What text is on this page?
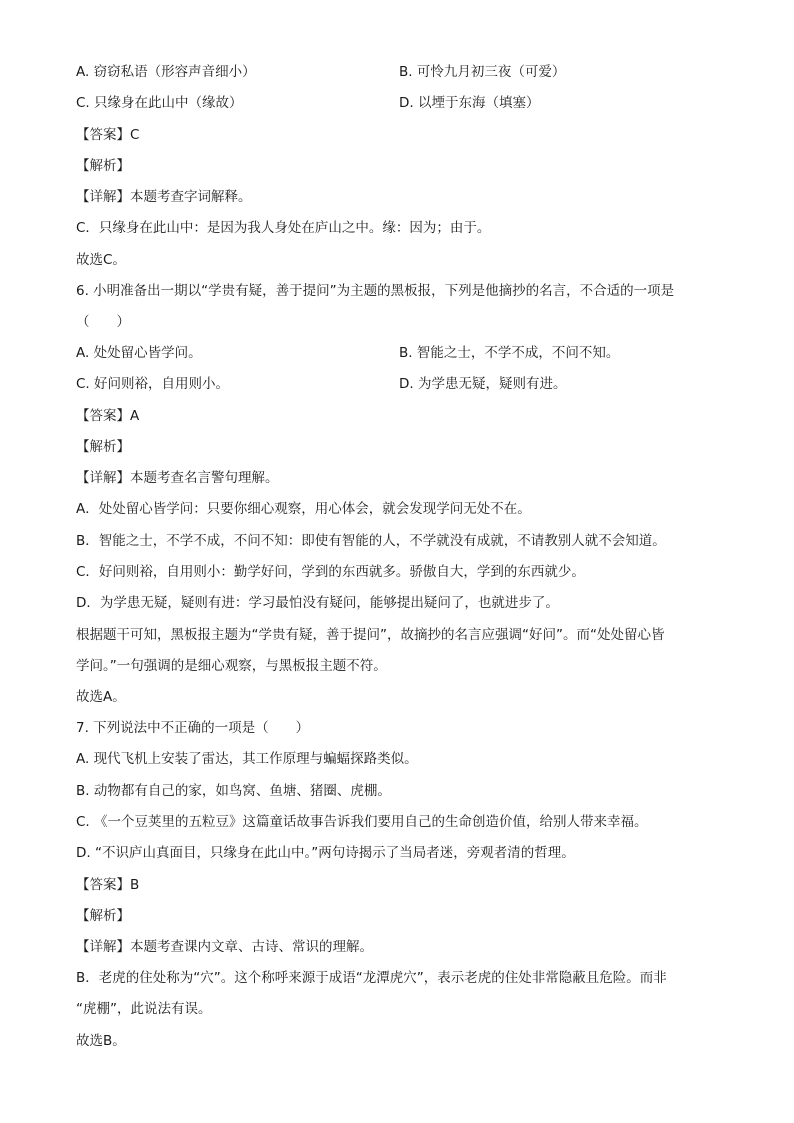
A. 窃窃私语（形容声音细小）	B. 可怜九月初三夜（可爱）
C. 只缘身在此山中（缘故）	D. 以堙于东海（填塞）
【答案】C
【解析】
【详解】本题考查字词解释。
C．只缘身在此山中：是因为我人身处在庐山之中。缘：因为；由于。
故选C。
6. 小明准备出一期以“学贵有疑，善于提问”为主题的黑板报，下列是他摘抄的名言，不合适的一项是
（　　）
A. 处处留心皆学问。	B. 智能之士，不学不成，不问不知。
C. 好问则裕，自用则小。	D. 为学患无疑，疑则有进。
【答案】A
【解析】
【详解】本题考查名言警句理解。
A．处处留心皆学问：只要你细心观察，用心体会，就会发现学问无处不在。
B．智能之士，不学不成，不问不知：即使有智能的人，不学就没有成就，不请教别人就不会知道。
C．好问则裕，自用则小：勤学好问，学到的东西就多。骄傲自大，学到的东西就少。
D．为学患无疑，疑则有进：学习最怕没有疑问，能够提出疑问了，也就进步了。
根据题干可知，黑板报主题为“学贵有疑，善于提问”，故摘抄的名言应强调“好问”。而“处处留心皆
学问。”一句强调的是细心观察，与黑板报主题不符。
故选A。
7. 下列说法中不正确的一项是（　　）
A. 现代飞机上安装了雷达，其工作原理与蝙蝠探路类似。
B. 动物都有自己的家，如鸟窝、鱼塘、猪圈、虎棚。
C. 《一个豆荚里的五粒豆》这篇童话故事告诉我们要用自己的生命创造价值，给别人带来幸福。
D. “不识庐山真面目，只缘身在此山中。”两句诗揭示了当局者迷，旁观者清的哲理。
【答案】B
【解析】
【详解】本题考查课内文章、古诗、常识的理解。
B．老虎的住处称为“穴”。这个称呼来源于成语“龙潭虎穴”，表示老虎的住处非常隐蔽且危险。而非
“虎棚”，此说法有误。
故选B。
